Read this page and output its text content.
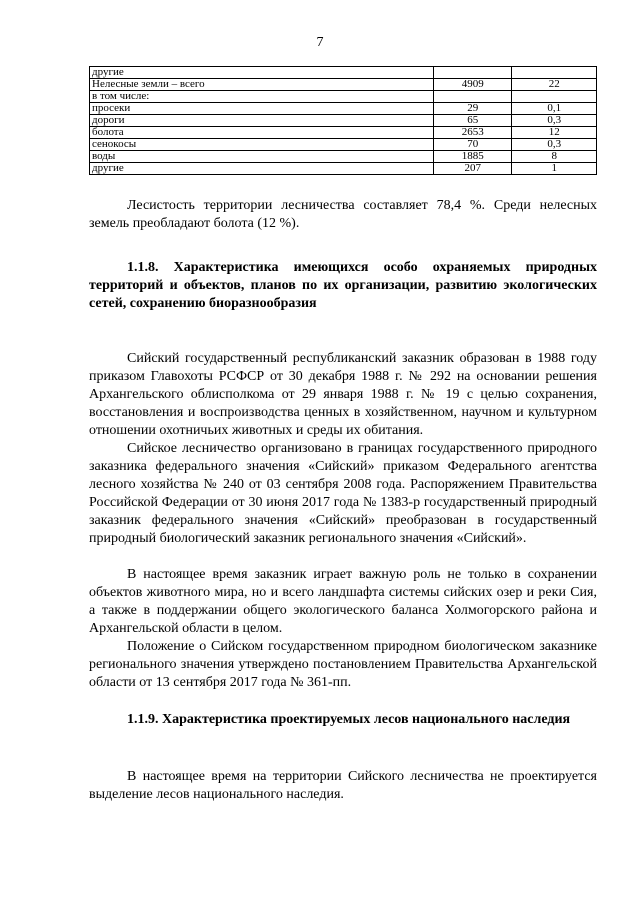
7
другие		
Нелесные земли – всего	4909	22
в том числе:		
просеки	29	0,1
дороги	65	0,3
болота	2653	12
сенокосы	70	0,3
воды	1885	8
другие	207	1
Лесистость территории лесничества составляет 78,4 %. Среди нелесных земель преобладают болота (12 %).
1.1.8. Характеристика имеющихся особо охраняемых природных территорий и объектов, планов по их организации, развитию экологических сетей, сохранению биоразнообразия
Сийский государственный республиканский заказник образован в 1988 году приказом Главохоты РСФСР от 30 декабря 1988 г. № 292 на основании решения Архангельского облисполкома от 29 января 1988 г. № 19 с целью сохранения, восстановления и воспроизводства ценных в хозяйственном, научном и культурном отношении охотничьих животных и среды их обитания.
Сийское лесничество организовано в границах государственного природного заказника федерального значения «Сийский» приказом Федерального агентства лесного хозяйства № 240 от 03 сентября 2008 года. Распоряжением Правительства Российской Федерации от 30 июня 2017 года № 1383-р государственный природный заказник федерального значения «Сийский» преобразован в государственный природный биологический заказник регионального значения «Сийский».
В настоящее время заказник играет важную роль не только в сохранении объектов животного мира, но и всего ландшафта системы сийских озер и реки Сия, а также в поддержании общего экологического баланса Холмогорского района и Архангельской области в целом.
Положение о Сийском государственном природном биологическом заказнике регионального значения утверждено постановлением Правительства Архангельской области от 13 сентября 2017 года № 361-пп.
1.1.9. Характеристика проектируемых лесов национального наследия
В настоящее время на территории Сийского лесничества не проектируется выделение лесов национального наследия.
